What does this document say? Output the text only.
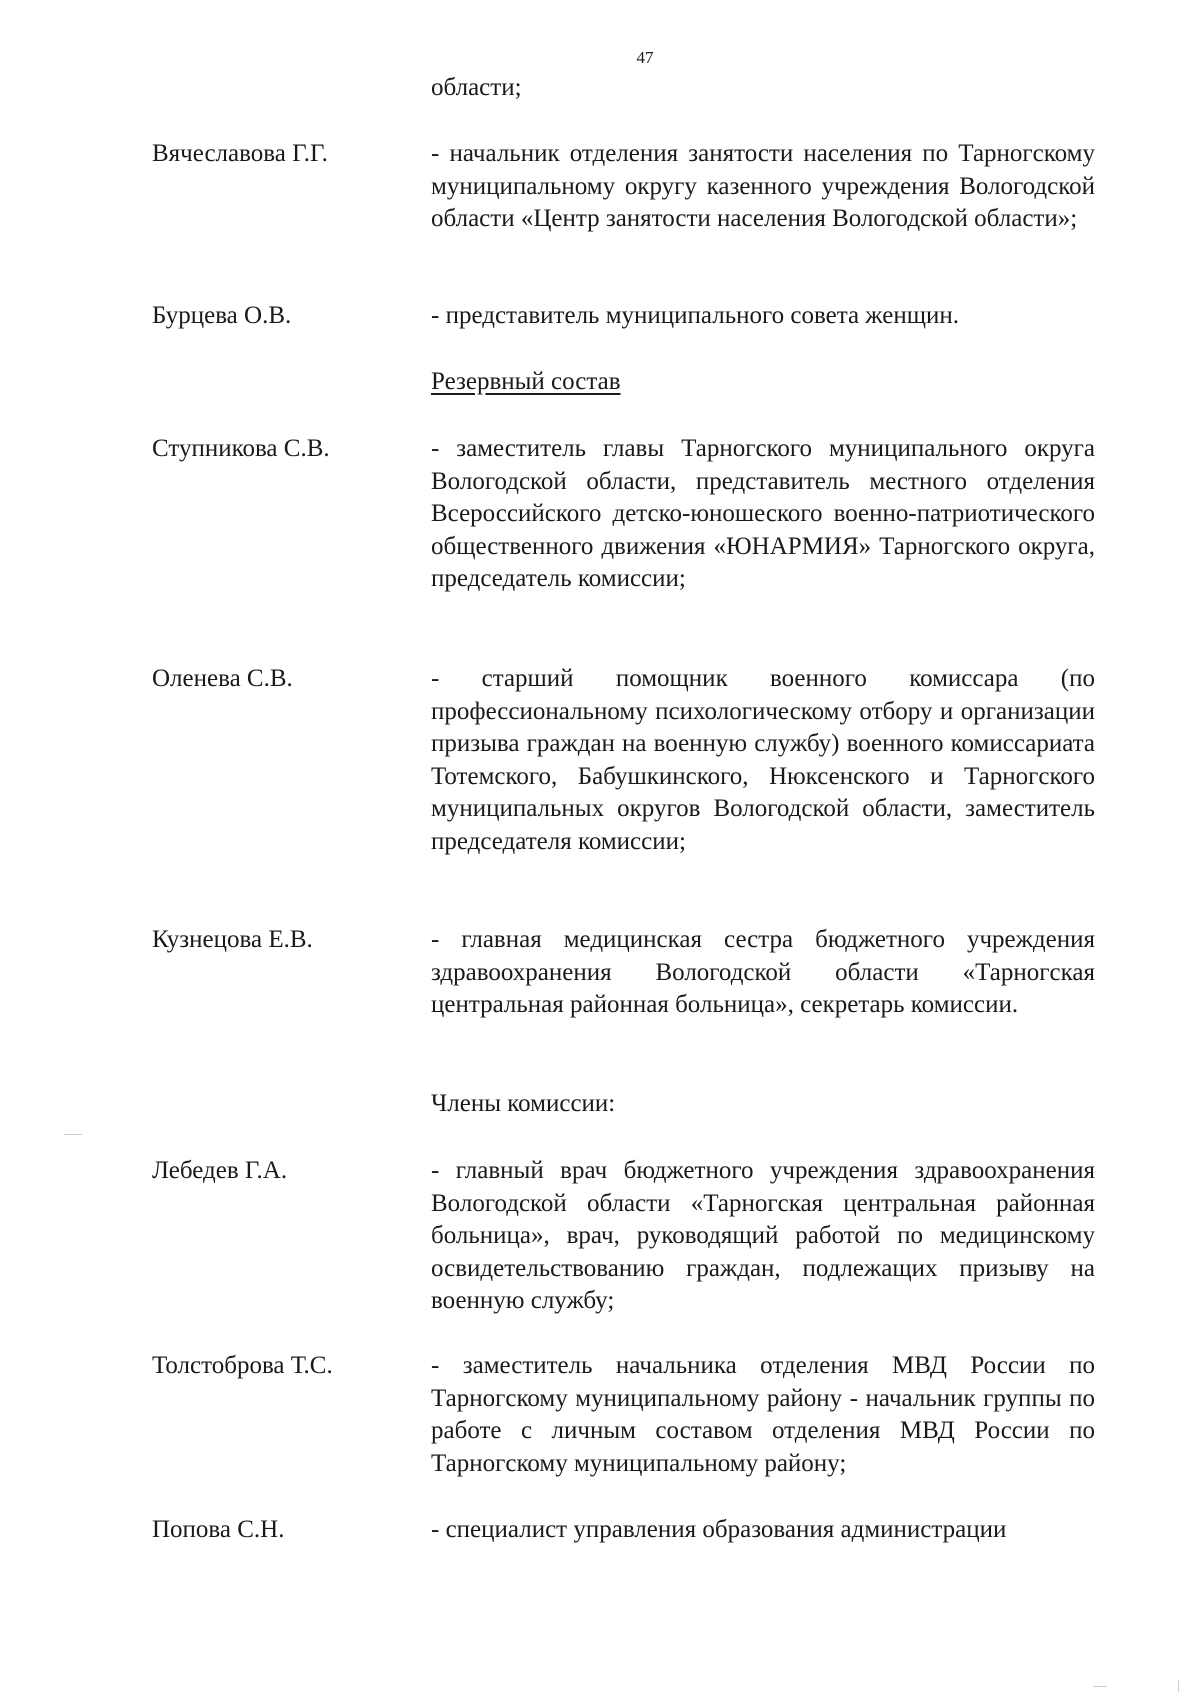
47
области;
Вячеславова Г.Г.	- начальник отделения занятости населения по Тарногскому муниципальному округу казенного учреждения Вологодской области «Центр занятости населения Вологодской области»;
Бурцева О.В.	- представитель муниципального совета женщин.
Резервный состав
Ступникова С.В.	- заместитель главы Тарногского муниципального округа Вологодской области, представитель местного отделения Всероссийского детско-юношеского военно-патриотического общественного движения «ЮНАРМИЯ» Тарногского округа, председатель комиссии;
Оленева С.В.	- старший помощник военного комиссара (по профессиональному психологическому отбору и организации призыва граждан на военную службу) военного комиссариата Тотемского, Бабушкинского, Нюксенского и Тарногского муниципальных округов Вологодской области, заместитель председателя комиссии;
Кузнецова Е.В.	- главная медицинская сестра бюджетного учреждения здравоохранения Вологодской области «Тарногская центральная районная больница», секретарь комиссии.
Члены комиссии:
Лебедев Г.А.	- главный врач бюджетного учреждения здравоохранения Вологодской области «Тарногская центральная районная больница», врач, руководящий работой по медицинскому освидетельствованию граждан, подлежащих призыву на военную службу;
Толстоброва Т.С.	- заместитель начальника отделения МВД России по Тарногскому муниципальному району - начальник группы по работе с личным составом отделения МВД России по Тарногскому муниципальному району;
Попова С.Н.	- специалист управления образования администрации
